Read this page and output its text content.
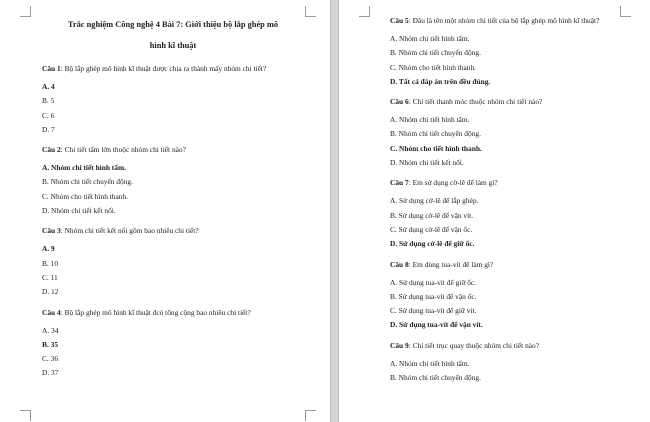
Trắc nghiệm Công nghệ 4 Bài 7: Giới thiệu bộ lắp ghép mô
hình kĩ thuật

Câu 1: Bộ lắp ghép mô hình kĩ thuật được chia ra thành mấy nhóm chi tiết?

A. 4

B. 5

C. 6

D. 7

Câu 2: Chi tiết tấm lớn thuộc nhóm chi tiết nào?

A. Nhóm chi tiết hình tấm.

B. Nhóm chi tiết chuyển động.

C. Nhóm cho tiết hình thanh.

D. Nhóm chi tiết kết nối.

Câu 3: Nhóm chi tiết kết nối gồm bao nhiêu chi tiết?

A. 9

B. 10

C. 11

D. 12

Câu 4: Bộ lắp ghép mô hình kĩ thuật đcó tổng cộng bao nhiêu chi tiết?

A. 34

B. 35

C. 36

D. 37

Câu 5: Đâu là tên một nhóm chi tiết của bộ lắp ghép mô hình kĩ thuật?

A. Nhóm chi tiết hình tấm.

B. Nhóm chi tiết chuyển động.

C. Nhóm cho tiết hình thanh.

D. Tất cả đáp án trên đều đúng.

Câu 6: Chi tiết thanh móc thuộc nhóm chi tiết nào?

A. Nhóm chi tiết hình tấm.

B. Nhóm chi tiết chuyển động.

C. Nhóm cho tiết hình thanh.

D. Nhóm chi tiết kết nối.

Câu 7: Em sử dụng cờ-lê để làm gì?

A. Sử dụng cờ-lê để lắp ghép.

B. Sử dụng cờ-lê để vặn vít.

C. Sử dụng cờ-lê để vặn ốc.

D. Sử dụng cờ-lê để giữ ốc.

Câu 8: Em dùng tua-vít để làm gì?

A. Sử dụng tua-vít để giữ ốc.

B. Sử dụng tua-vít để vặn ốc.

C. Sử dụng tua-vít để giữ vít.

D. Sử dụng tua-vít để vặn vít.

Câu 9: Chi tiết trục quay thuộc nhóm chi tiết nào?

A. Nhóm chi tiết hình tấm.

B. Nhóm chi tiết chuyển động.
